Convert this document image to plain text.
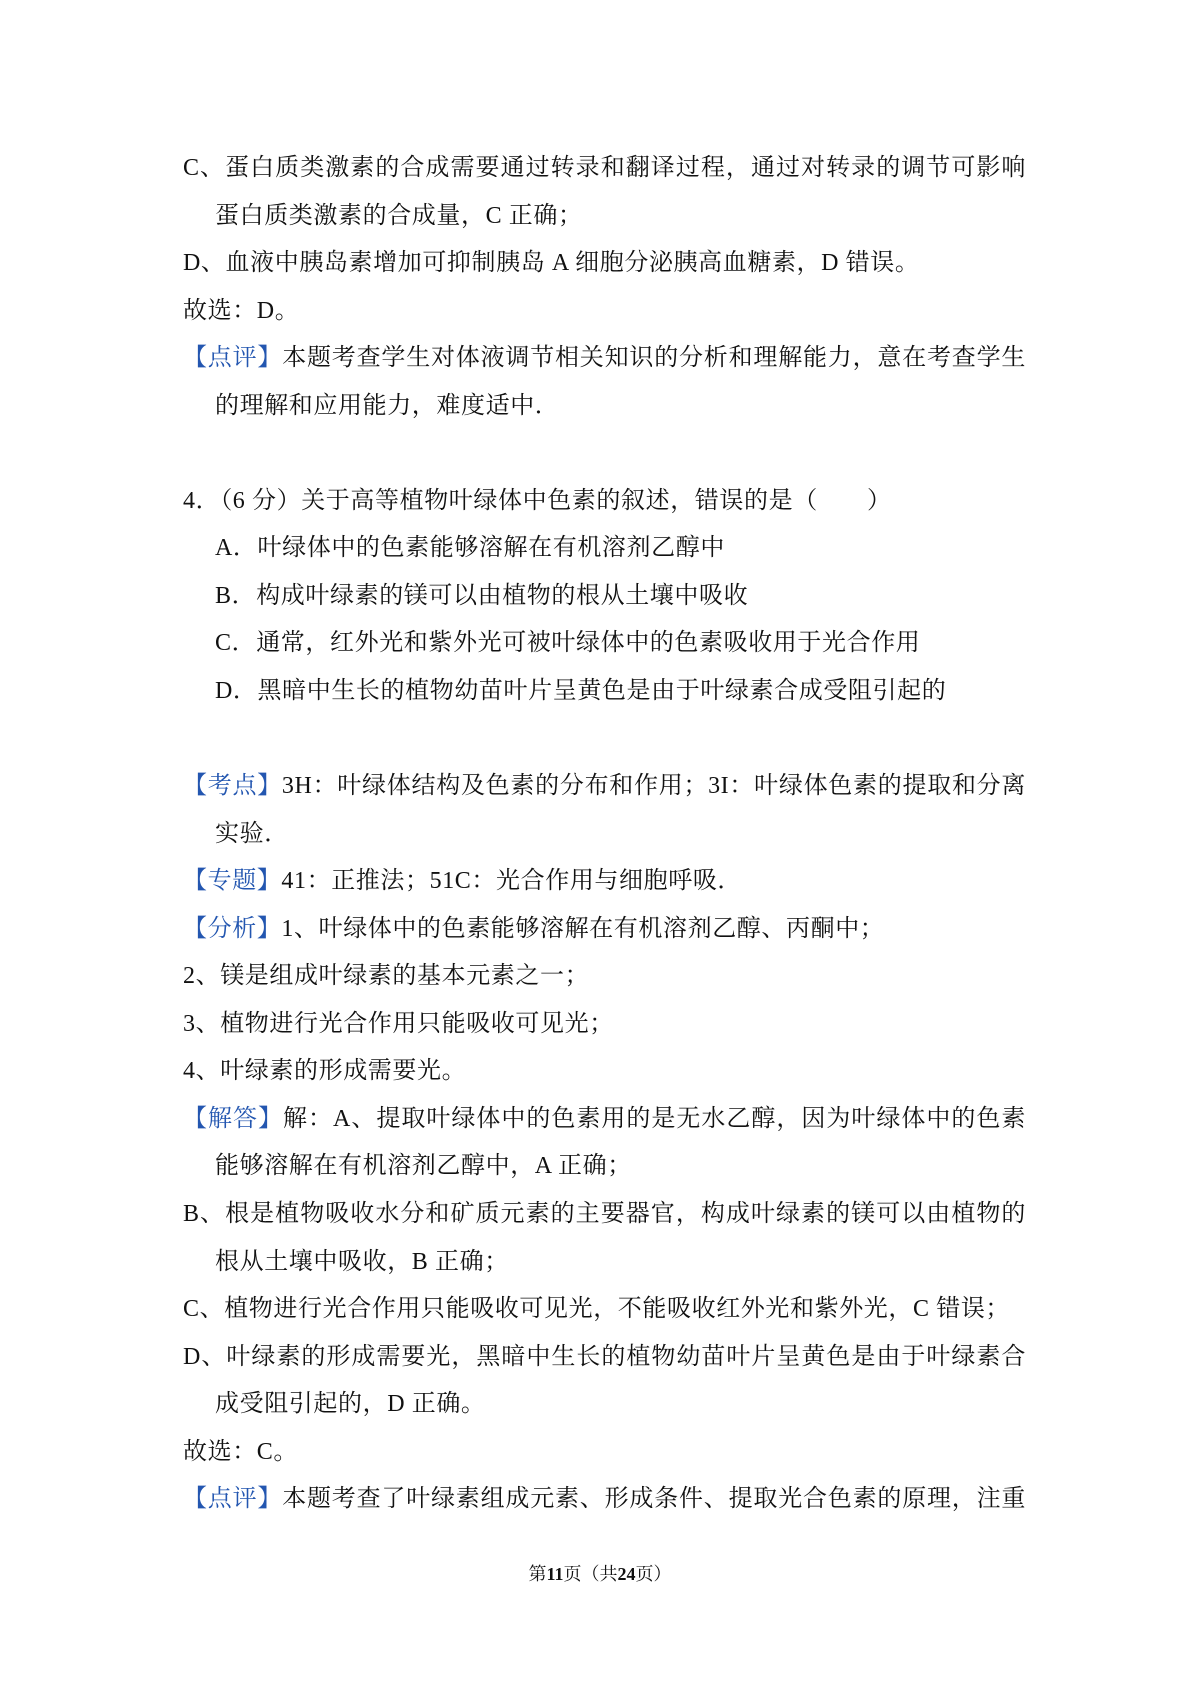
C、蛋白质类激素的合成需要通过转录和翻译过程，通过对转录的调节可影响
蛋白质类激素的合成量，C 正确；
D、血液中胰岛素增加可抑制胰岛 A 细胞分泌胰高血糖素，D 错误。
故选：D。
【点评】本题考查学生对体液调节相关知识的分析和理解能力，意在考查学生
的理解和应用能力，难度适中．
4．（6 分）关于高等植物叶绿体中色素的叙述，错误的是（　　）
A．叶绿体中的色素能够溶解在有机溶剂乙醇中
B．构成叶绿素的镁可以由植物的根从土壤中吸收
C．通常，红外光和紫外光可被叶绿体中的色素吸收用于光合作用
D．黑暗中生长的植物幼苗叶片呈黄色是由于叶绿素合成受阻引起的
【考点】3H：叶绿体结构及色素的分布和作用；3I：叶绿体色素的提取和分离
实验．
【专题】41：正推法；51C：光合作用与细胞呼吸．
【分析】1、叶绿体中的色素能够溶解在有机溶剂乙醇、丙酮中；
2、镁是组成叶绿素的基本元素之一；
3、植物进行光合作用只能吸收可见光；
4、叶绿素的形成需要光。
【解答】解：A、提取叶绿体中的色素用的是无水乙醇，因为叶绿体中的色素
能够溶解在有机溶剂乙醇中，A 正确；
B、根是植物吸收水分和矿质元素的主要器官，构成叶绿素的镁可以由植物的
根从土壤中吸收，B 正确；
C、植物进行光合作用只能吸收可见光，不能吸收红外光和紫外光，C 错误；
D、叶绿素的形成需要光，黑暗中生长的植物幼苗叶片呈黄色是由于叶绿素合
成受阻引起的，D 正确。
故选：C。
【点评】本题考查了叶绿素组成元素、形成条件、提取光合色素的原理，注重
第11页（共24页）
